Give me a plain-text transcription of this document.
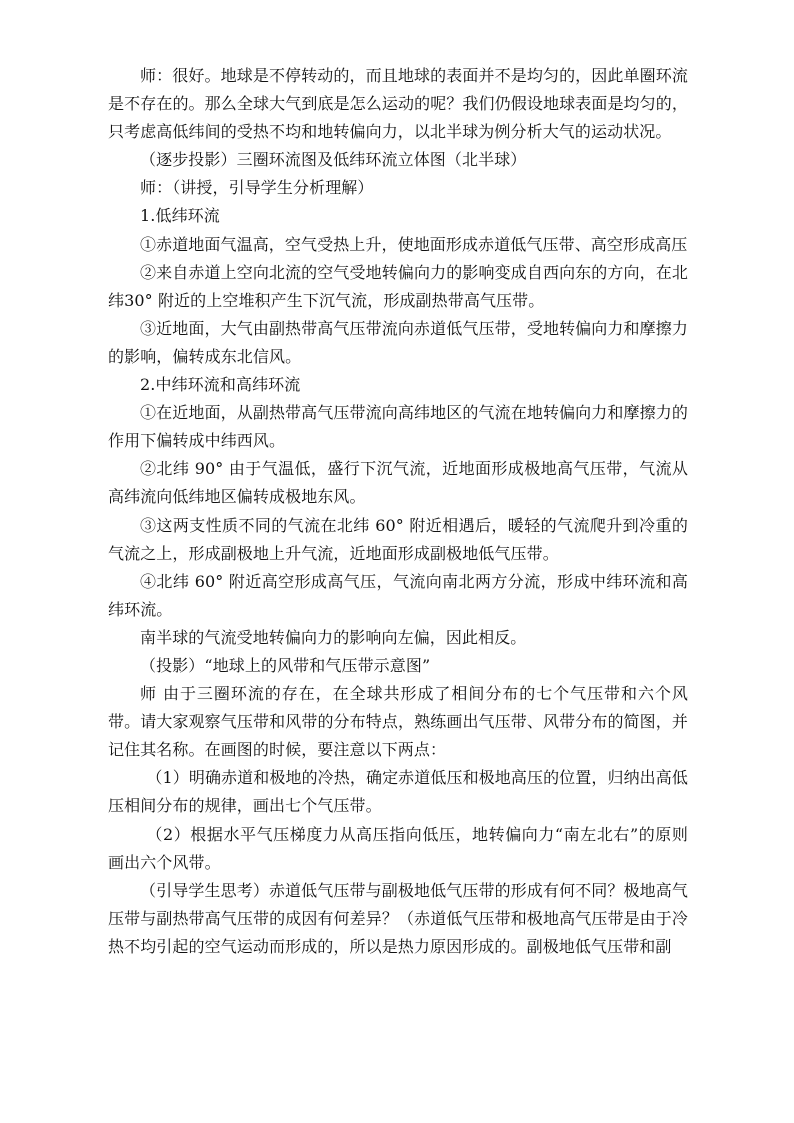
师：很好。地球是不停转动的，而且地球的表面并不是均匀的，因此单圈环流是不存在的。那么全球大气到底是怎么运动的呢？我们仍假设地球表面是均匀的，只考虑高低纬间的受热不均和地转偏向力，以北半球为例分析大气的运动状况。

（逐步投影）三圈环流图及低纬环流立体图（北半球）

师：（讲授，引导学生分析理解）

1.低纬环流

①赤道地面气温高，空气受热上升，使地面形成赤道低气压带、高空形成高压

②来自赤道上空向北流的空气受地转偏向力的影响变成自西向东的方向，在北纬30° 附近的上空堆积产生下沉气流，形成副热带高气压带。

③近地面，大气由副热带高气压带流向赤道低气压带，受地转偏向力和摩擦力的影响，偏转成东北信风。

2.中纬环流和高纬环流

①在近地面，从副热带高气压带流向高纬地区的气流在地转偏向力和摩擦力的作用下偏转成中纬西风。

②北纬 90° 由于气温低，盛行下沉气流，近地面形成极地高气压带，气流从高纬流向低纬地区偏转成极地东风。

③这两支性质不同的气流在北纬 60° 附近相遇后，暖轻的气流爬升到冷重的气流之上，形成副极地上升气流，近地面形成副极地低气压带。

④北纬 60° 附近高空形成高气压，气流向南北两方分流，形成中纬环流和高纬环流。

南半球的气流受地转偏向力的影响向左偏，因此相反。

（投影）“地球上的风带和气压带示意图”

师 由于三圈环流的存在，在全球共形成了相间分布的七个气压带和六个风带。请大家观察气压带和风带的分布特点，熟练画出气压带、风带分布的简图，并记住其名称。在画图的时候，要注意以下两点：

（1）明确赤道和极地的冷热，确定赤道低压和极地高压的位置，归纳出高低压相间分布的规律，画出七个气压带。

（2）根据水平气压梯度力从高压指向低压，地转偏向力“南左北右”的原则画出六个风带。

（引导学生思考）赤道低气压带与副极地低气压带的形成有何不同？极地高气压带与副热带高气压带的成因有何差异？（赤道低气压带和极地高气压带是由于冷热不均引起的空气运动而形成的，所以是热力原因形成的。副极地低气压带和副
